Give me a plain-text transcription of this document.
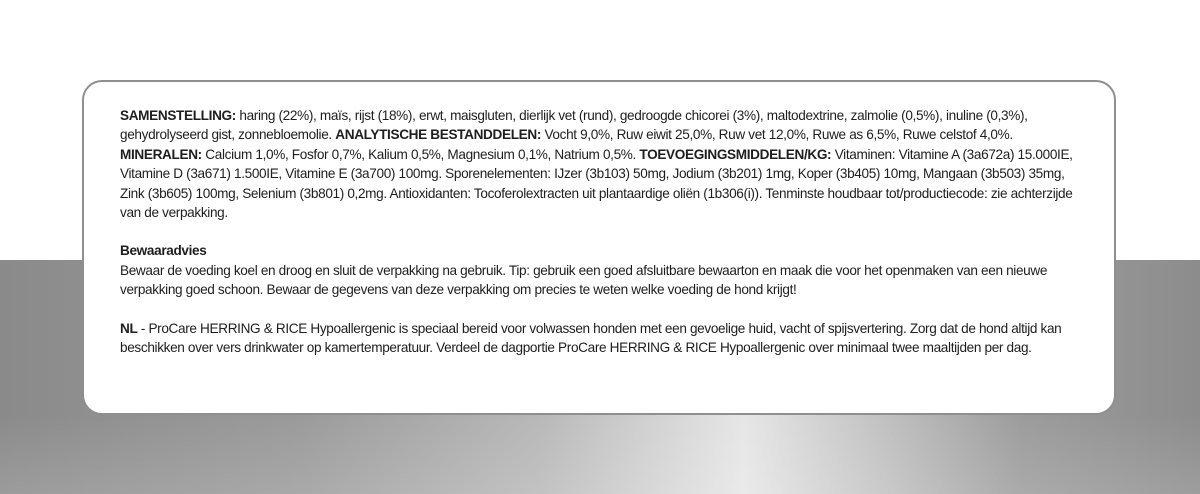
SAMENSTELLING: haring (22%), maïs, rijst (18%), erwt, maisgluten, dierlijk vet (rund), gedroogde chicorei (3%), maltodextrine, zalmolie (0,5%), inuline (0,3%), gehydrolyseerd gist, zonnebloemolie. ANALYTISCHE BESTANDDELEN: Vocht 9,0%, Ruw eiwit 25,0%, Ruw vet 12,0%, Ruwe as 6,5%, Ruwe celstof 4,0%. MINERALEN: Calcium 1,0%, Fosfor 0,7%, Kalium 0,5%, Magnesium 0,1%, Natrium 0,5%. TOEVOEGINGSMIDDELEN/KG: Vitaminen: Vitamine A (3a672a) 15.000IE, Vitamine D (3a671) 1.500IE, Vitamine E (3a700) 100mg. Sporenelementen: IJzer (3b103) 50mg, Jodium (3b201) 1mg, Koper (3b405) 10mg, Mangaan (3b503) 35mg, Zink (3b605) 100mg, Selenium (3b801) 0,2mg. Antioxidanten: Tocoferolextracten uit plantaardige oliën (1b306(i)). Tenminste houdbaar tot/productiecode: zie achterzijde van de verpakking.

Bewaaradvies

Bewaar de voeding koel en droog en sluit de verpakking na gebruik. Tip: gebruik een goed afsluitbare bewaarton en maak die voor het openmaken van een nieuwe verpakking goed schoon. Bewaar de gegevens van deze verpakking om precies te weten welke voeding de hond krijgt!

NL - ProCare HERRING & RICE Hypoallergenic is speciaal bereid voor volwassen honden met een gevoelige huid, vacht of spijsvertering. Zorg dat de hond altijd kan beschikken over vers drinkwater op kamertemperatuur. Verdeel de dagportie ProCare HERRING & RICE Hypoallergenic over minimaal twee maaltijden per dag.
